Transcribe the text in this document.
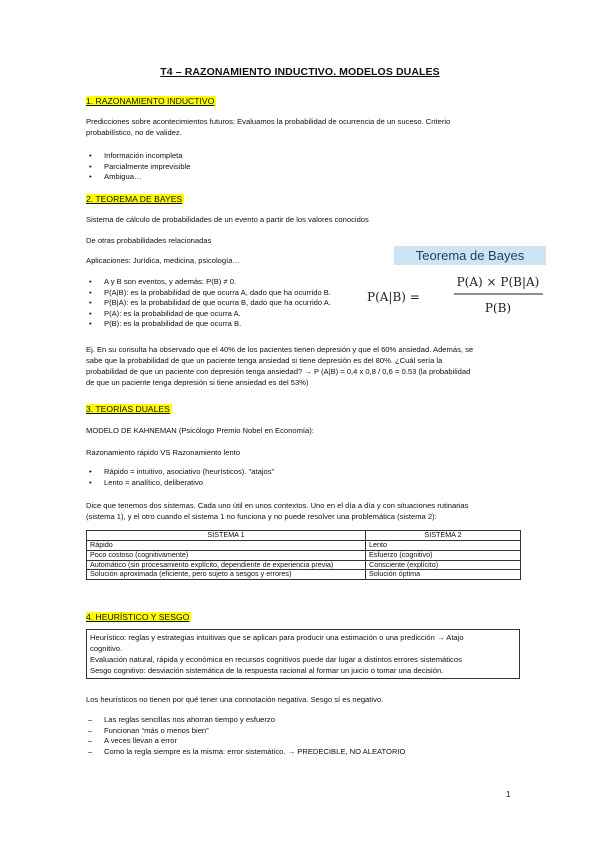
T4 – RAZONAMIENTO INDUCTIVO. MODELOS DUALES
1. RAZONAMIENTO INDUCTIVO
Predicciones sobre acontecimientos futuros: Evaluamos la probabilidad de ocurrencia de un suceso. Criterio
probabilístico, no de validez.
• Información incompleta
• Parcialmente imprevisible
• Ambigua…
2. TEOREMA DE BAYES
Sistema de cálculo de probabilidades de un evento a partir de los valores conocidos
De otras probabilidades relacionadas
Aplicaciones: Jurídica, medicina, psicología…
• A y B son eventos, y además: P(B) ≠ 0.
• P(A|B): es la probabilidad de que ocurra A, dado que ha ocurrido B.
• P(B|A): es la probabilidad de que ocurra B, dado que ha ocurrido A.
• P(A): es la probabilidad de que ocurra A.
• P(B): es la probabilidad de que ocurra B.
Teorema de Bayes
P(A|B) =
P(A) × P(B|A)
P(B)
Ej. En su consulta ha observado que el 40% de los pacientes tienen depresión y que el 60% ansiedad. Además, se
sabe que la probabilidad de que un paciente tenga ansiedad si tiene depresión es del 80%. ¿Cuál sería la
probabilidad de que un paciente con depresión tenga ansiedad? → P (A|B) = 0,4 x 0,8 / 0,6 = 0.53 (la probabilidad
de que un paciente tenga depresión si tiene ansiedad es del 53%)
3. TEORÍAS DUALES
MODELO DE KAHNEMAN (Psicólogo Premio Nobel en Economía):
Razonamiento rápido VS Razonamiento lento
• Rápido = intuitivo, asociativo (heurísticos). "atajos"
• Lento = analítico, deliberativo
Dice que tenemos dos sistemas. Cada uno útil en unos contextos. Uno en el día a día y con situaciones rutinarias
(sistema 1), y el otro cuando el sistema 1 no funciona y no puede resolver una problemática (sistema 2):
SISTEMA 1	SISTEMA 2
Rápido	Lento
Poco costoso (cognitivamente)	Esfuerzo (cognitivo)
Automático (sin procesamiento explícito, dependiente de experiencia previa)	Consciente (explícito)
Solución aproximada (eficiente, pero sujeto a sesgos y errores)	Solución óptima
4. HEURÍSTICO Y SESGO
Heurístico: reglas y estrategias intuitivas que se aplican para producir una estimación o una predicción → Atajo
cognitivo.
Evaluación natural, rápida y económica en recursos cognitivos puede dar lugar a distintos errores sistemáticos
Sesgo cognitivo: desviación sistemática de la respuesta racional al formar un juicio o tomar una decisión.
Los heurísticos no tienen por qué tener una connotación negativa. Sesgo sí es negativo.
– Las reglas sencillas nos ahorran tiempo y esfuerzo
– Funcionan “más o menos bien”
– A veces llevan a error
– Como la regla siempre es la misma: error sistemático. → PREDECIBLE, NO ALEATORIO
1
